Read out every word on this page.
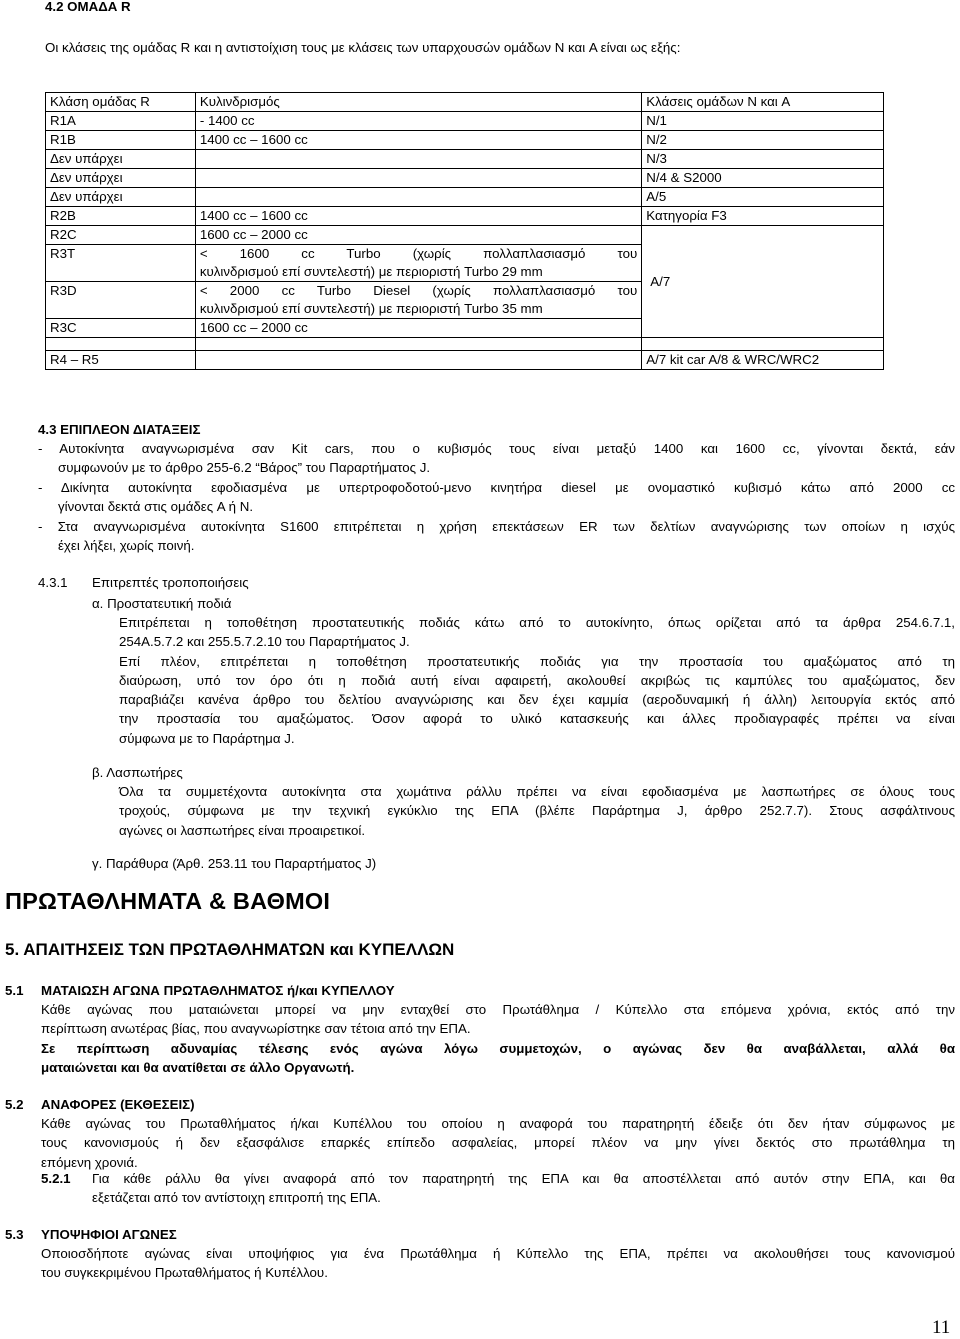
4.2 ΟΜΑΔΑ R
Οι κλάσεις της ομάδας R και η αντιστοίχιση τους με κλάσεις των υπαρχουσών ομάδων N και A είναι ως εξής:
Κλάση ομάδας R	Κυλινδρισμός	Κλάσεις ομάδων N και A
R1A	- 1400 cc	N/1
R1B	1400 cc – 1600 cc	N/2
Δεν υπάρχει		N/3
Δεν υπάρχει		N/4 & S2000
Δεν υπάρχει		A/5
R2B	1400 cc – 1600 cc	Κατηγορία F3
R2C	1600 cc – 2000 cc	A/7
R3T	< 1600 cc Turbo (χωρίς πολλαπλασιασμό του
κυλινδρισμού επί συντελεστή) με περιοριστή Turbo 29 mm	

R3D	< 2000 cc Turbo Diesel (χωρίς πολλαπλασιασμό του
κυλινδρισμού επί συντελεστή) με περιοριστή Turbo 35 mm	

R3C	1600 cc – 2000 cc	

R4 – R5		A/7 kit car A/8 & WRC/WRC2
4.3 ΕΠΙΠΛΕΟΝ ΔΙΑΤΑΞΕΙΣ
- Αυτοκίνητα αναγνωρισμένα σαν Kit cars, που ο κυβισμός τους είναι μεταξύ 1400 και 1600 cc, γίνονται δεκτά, εάν
συμφωνούν με το άρθρο 255-6.2 “Βάρος” του Παραρτήματος J.
- Δικίνητα αυτοκίνητα εφοδιασμένα με υπερτροφοδοτού-μενο κινητήρα diesel με ονομαστικό κυβισμό κάτω από 2000 cc
γίνονται δεκτά στις ομάδες A ή N.
- Στα αναγνωρισμένα αυτοκίνητα S1600 επιτρέπεται η χρήση επεκτάσεων ER των δελτίων αναγνώρισης των οποίων η ισχύς
έχει λήξει, χωρίς ποινή.
4.3.1 Επιτρεπτές τροποποιήσεις
α. Προστατευτική ποδιά
Επιτρέπεται η τοποθέτηση προστατευτικής ποδιάς κάτω από το αυτοκίνητο, όπως ορίζεται από τα άρθρα 254.6.7.1,
254A.5.7.2 και 255.5.7.2.10 του Παραρτήματος J.
Επί πλέον, επιτρέπεται η τοποθέτηση προστατευτικής ποδιάς για την προστασία του αμαξώματος από τη
διαύρωση, υπό τον όρο ότι η ποδιά αυτή είναι αφαιρετή, ακολουθεί ακριβώς τις καμπύλες του αμαξώματος, δεν
παραβιάζει κανένα άρθρο του δελτίου αναγνώρισης και δεν έχει καμμία (αεροδυναμική ή άλλη) λειτουργία εκτός από
την προστασία του αμαξώματος. Όσον αφορά το υλικό κατασκευής και άλλες προδιαγραφές πρέπει να είναι
σύμφωνα με το Παράρτημα J.
β. Λασπωτήρες
Όλα τα συμμετέχοντα αυτοκίνητα στα χωμάτινα ράλλυ πρέπει να είναι εφοδιασμένα με λασπωτήρες σε όλους τους
τροχούς, σύμφωνα με την τεχνική εγκύκλιο της ΕΠΑ (βλέπε Παράρτημα J, άρθρο 252.7.7). Στους ασφάλτινους
αγώνες οι λασπωτήρες είναι προαιρετικοί.
γ. Παράθυρα (Άρθ. 253.11 του Παραρτήματος J)
ΠΡΩΤΑΘΛΗΜΑΤΑ & ΒΑΘΜΟΙ
5. ΑΠΑΙΤΗΣΕΙΣ ΤΩΝ ΠΡΩΤΑΘΛΗΜΑΤΩΝ και ΚΥΠΕΛΛΩΝ
5.1 ΜΑΤΑΙΩΣΗ ΑΓΩΝΑ ΠΡΩΤΑΘΛΗΜΑΤΟΣ ή/και ΚΥΠΕΛΛΟΥ
Κάθε αγώνας που ματαιώνεται μπορεί να μην ενταχθεί στο Πρωτάθλημα / Κύπελλο στα επόμενα χρόνια, εκτός από την
περίπτωση ανωτέρας βίας, που αναγνωρίστηκε σαν τέτοια από την ΕΠΑ.
Σε περίπτωση αδυναμίας τέλεσης ενός αγώνα λόγω συμμετοχών, ο αγώνας δεν θα αναβάλλεται, αλλά θα
ματαιώνεται και θα ανατίθεται σε άλλο Οργανωτή.
5.2 ΑΝΑΦΟΡΕΣ (ΕΚΘΕΣΕΙΣ)
Κάθε αγώνας του Πρωταθλήματος ή/και Κυπέλλου του οποίου η αναφορά του παρατηρητή έδειξε ότι δεν ήταν σύμφωνος με
τους κανονισμούς ή δεν εξασφάλισε επαρκές επίπεδο ασφαλείας, μπορεί πλέον να μην γίνει δεκτός στο πρωτάθλημα τη
επόμενη χρονιά.
5.2.1 Για κάθε ράλλυ θα γίνει αναφορά από τον παρατηρητή της ΕΠΑ και θα αποστέλλεται από αυτόν στην ΕΠΑ, και θα
εξετάζεται από τον αντίστοιχη επιτροπή της ΕΠΑ.
5.3 ΥΠΟΨΗΦΙΟΙ ΑΓΩΝΕΣ
Οποιοσδήποτε αγώνας είναι υποψήφιος για ένα Πρωτάθλημα ή Κύπελλο της ΕΠΑ, πρέπει να ακολουθήσει τους κανονισμού
του συγκεκριμένου Πρωταθλήματος ή Κυπέλλου.
11
